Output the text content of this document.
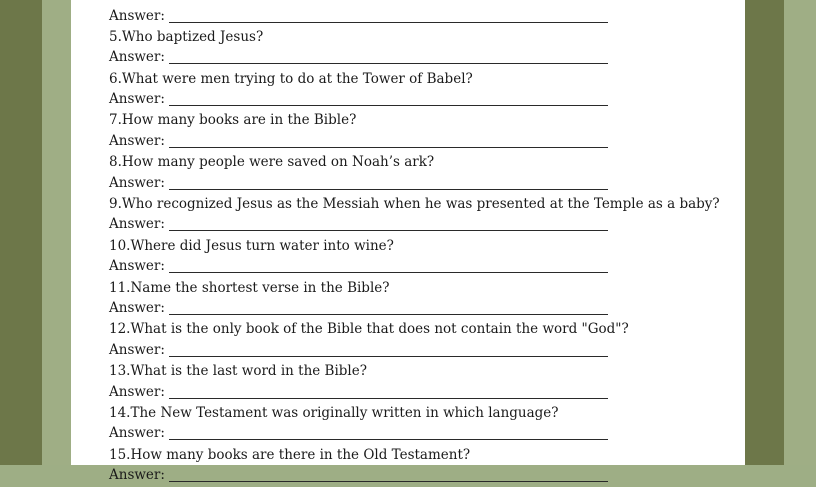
Answer:
5.Who baptized Jesus?
Answer:
6.What were men trying to do at the Tower of Babel?
Answer:
7.How many books are in the Bible?
Answer:
8.How many people were saved on Noah’s ark?
Answer:
9.Who recognized Jesus as the Messiah when he was presented at the Temple as a baby?
Answer:
10.Where did Jesus turn water into wine?
Answer:
11.Name the shortest verse in the Bible?
Answer:
12.What is the only book of the Bible that does not contain the word "God"?
Answer:
13.What is the last word in the Bible?
Answer:
14.The New Testament was originally written in which language?
Answer:
15.How many books are there in the Old Testament?
Answer:
